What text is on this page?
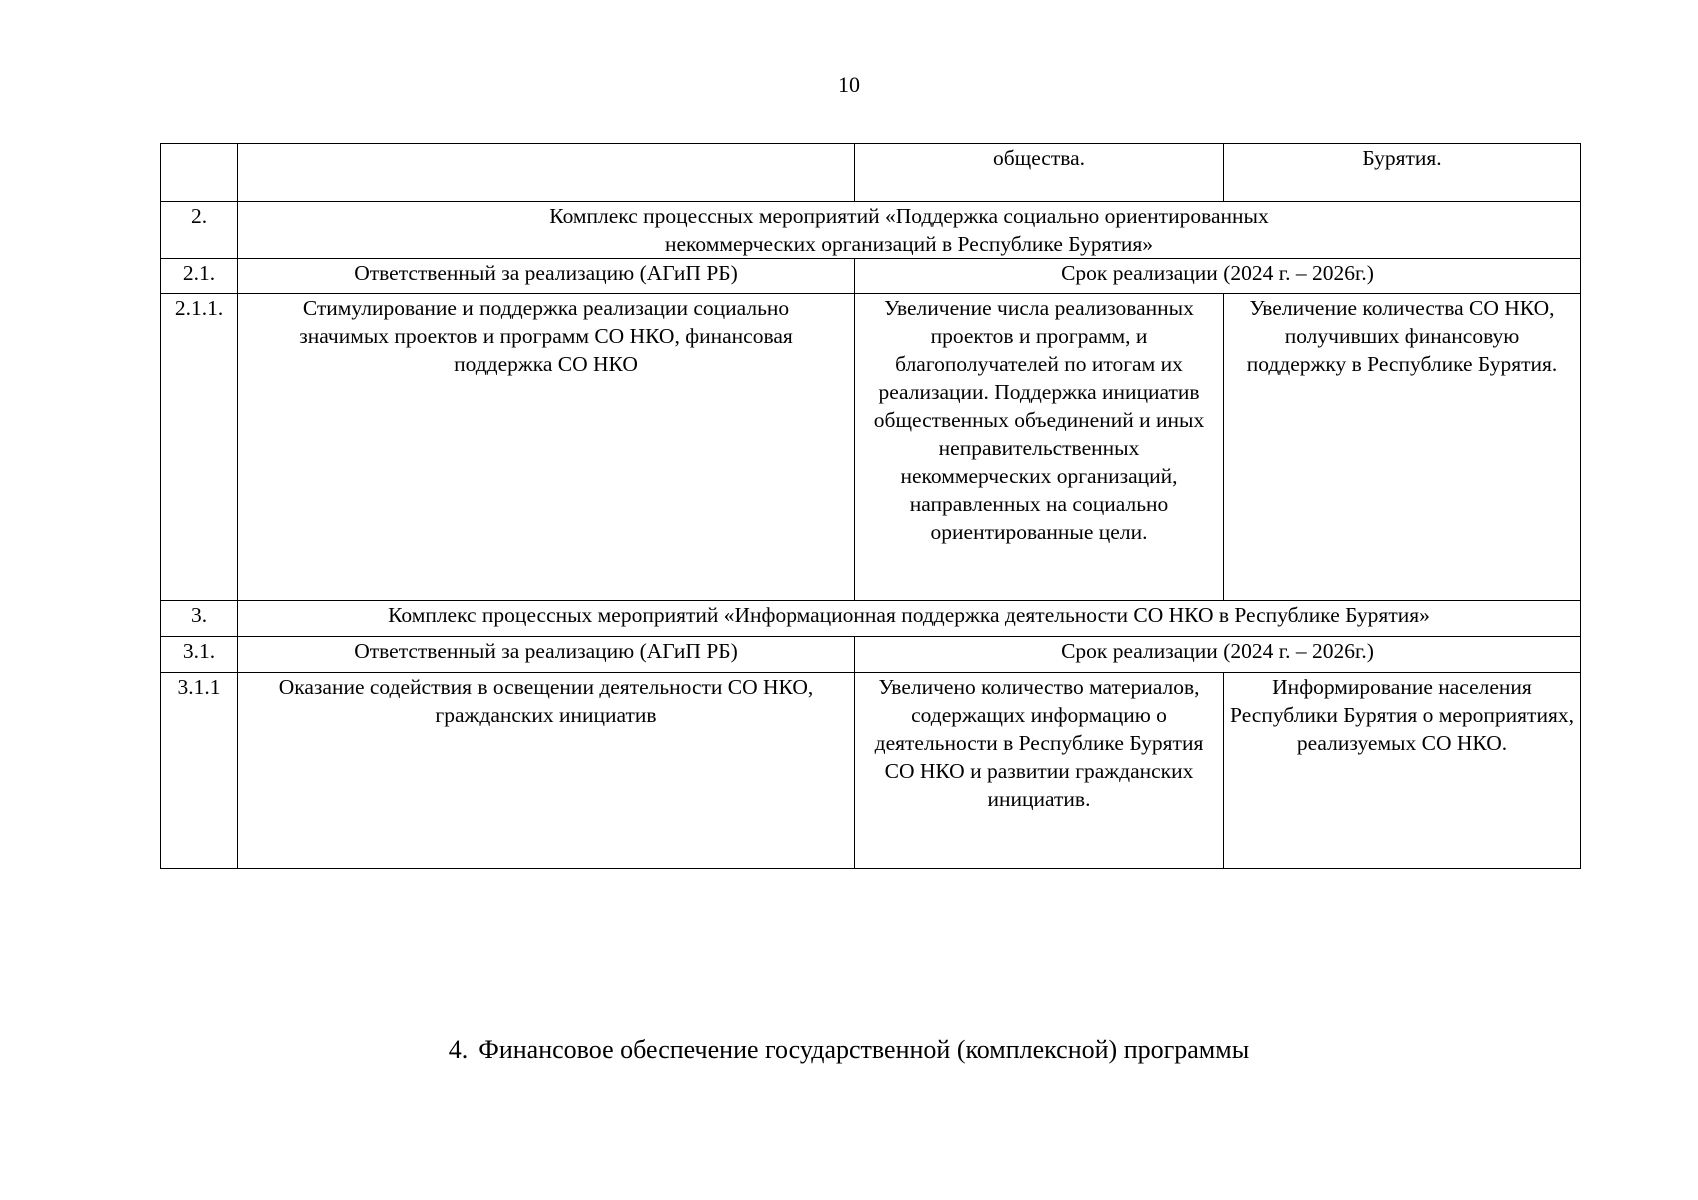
10
		общества.	Бурятия.
2.	Комплекс процессных мероприятий «Поддержка социально ориентированных некоммерческих организаций в Республике Бурятия»		
2.1.	Ответственный за реализацию (АГиП РБ)	Срок реализации (2024 г. – 2026г.)	
2.1.1.	Стимулирование и поддержка реализации социально значимых проектов и программ СО НКО, финансовая поддержка СО НКО	Увеличение числа реализованных проектов и программ, и благополучателей по итогам их реализации. Поддержка инициатив общественных объединений и иных неправительственных некоммерческих организаций, направленных на социально ориентированные цели.	Увеличение количества СО НКО, получивших финансовую поддержку в Республике Бурятия.
3.	Комплекс процессных мероприятий «Информационная поддержка деятельности СО НКО в Республике Бурятия»		
3.1.	Ответственный за реализацию (АГиП РБ)	Срок реализации (2024 г. – 2026г.)	
3.1.1	Оказание содействия в освещении деятельности СО НКО, гражданских инициатив	Увеличено количество материалов, содержащих информацию о деятельности в Республике Бурятия СО НКО и развитии гражданских инициатив.	Информирование населения Республики Бурятия о мероприятиях, реализуемых СО НКО.
4. Финансовое обеспечение государственной (комплексной) программы
